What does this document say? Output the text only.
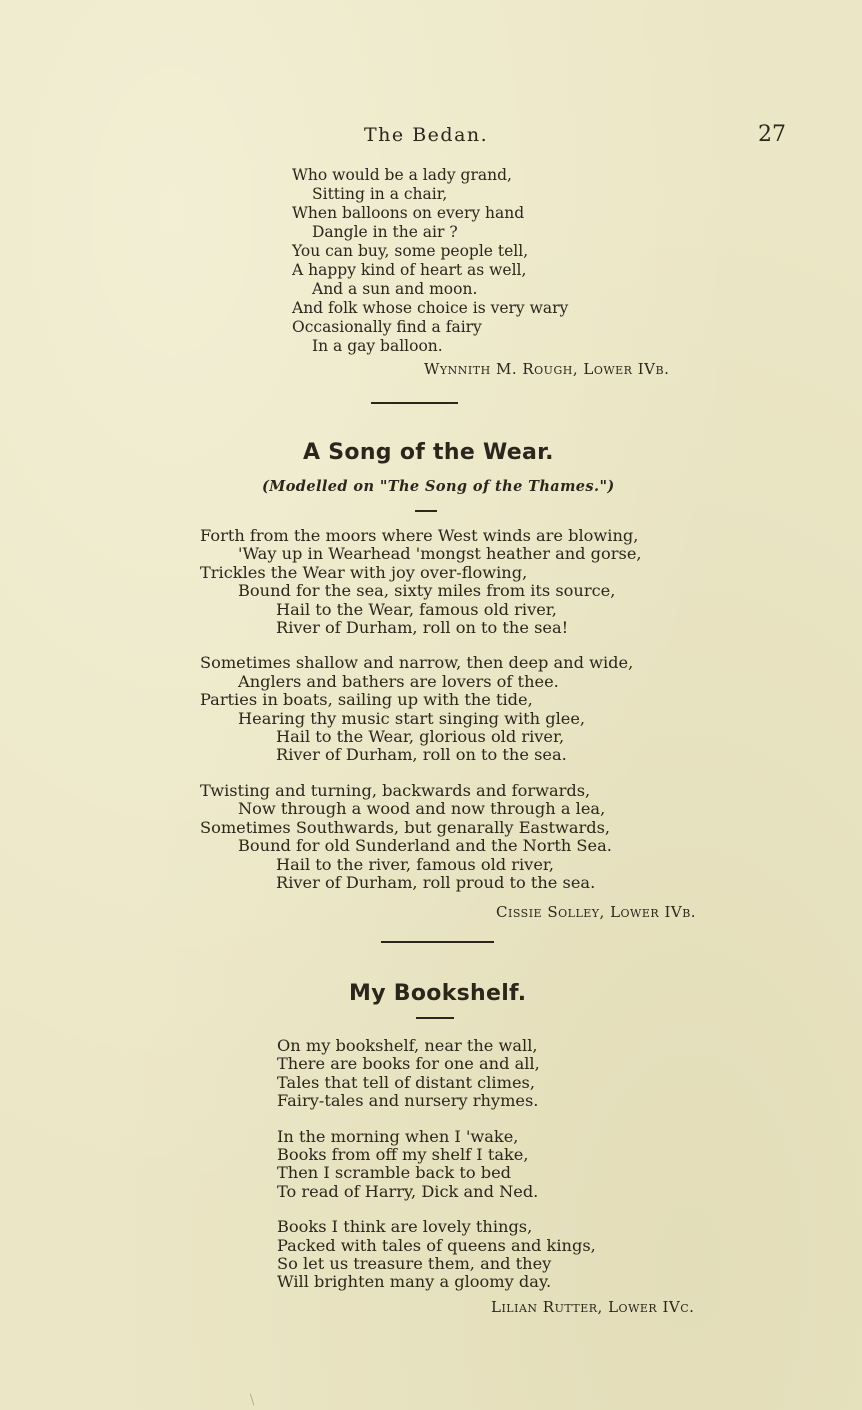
The Bedan.	27
Who would be a lady grand,
Sitting in a chair,
When balloons on every hand
Dangle in the air ?
You can buy, some people tell,
A happy kind of heart as well,
And a sun and moon.
And folk whose choice is very wary
Occasionally find a fairy
In a gay balloon.
Wynnith M. Rough, Lower IVb.
A Song of the Wear.
(Modelled on "The Song of the Thames.")
Forth from the moors where West winds are blowing,
'Way up in Wearhead 'mongst heather and gorse,
Trickles the Wear with joy over-flowing,
Bound for the sea, sixty miles from its source,
Hail to the Wear, famous old river,
River of Durham, roll on to the sea!
Sometimes shallow and narrow, then deep and wide,
Anglers and bathers are lovers of thee.
Parties in boats, sailing up with the tide,
Hearing thy music start singing with glee,
Hail to the Wear, glorious old river,
River of Durham, roll on to the sea.
Twisting and turning, backwards and forwards,
Now through a wood and now through a lea,
Sometimes Southwards, but genarally Eastwards,
Bound for old Sunderland and the North Sea.
Hail to the river, famous old river,
River of Durham, roll proud to the sea.
Cissie Solley, Lower IVb.
My Bookshelf.
On my bookshelf, near the wall,
There are books for one and all,
Tales that tell of distant climes,
Fairy-tales and nursery rhymes.
In the morning when I 'wake,
Books from off my shelf I take,
Then I scramble back to bed
To read of Harry, Dick and Ned.
Books I think are lovely things,
Packed with tales of queens and kings,
So let us treasure them, and they
Will brighten many a gloomy day.
Lilian Rutter, Lower IVc.
/
